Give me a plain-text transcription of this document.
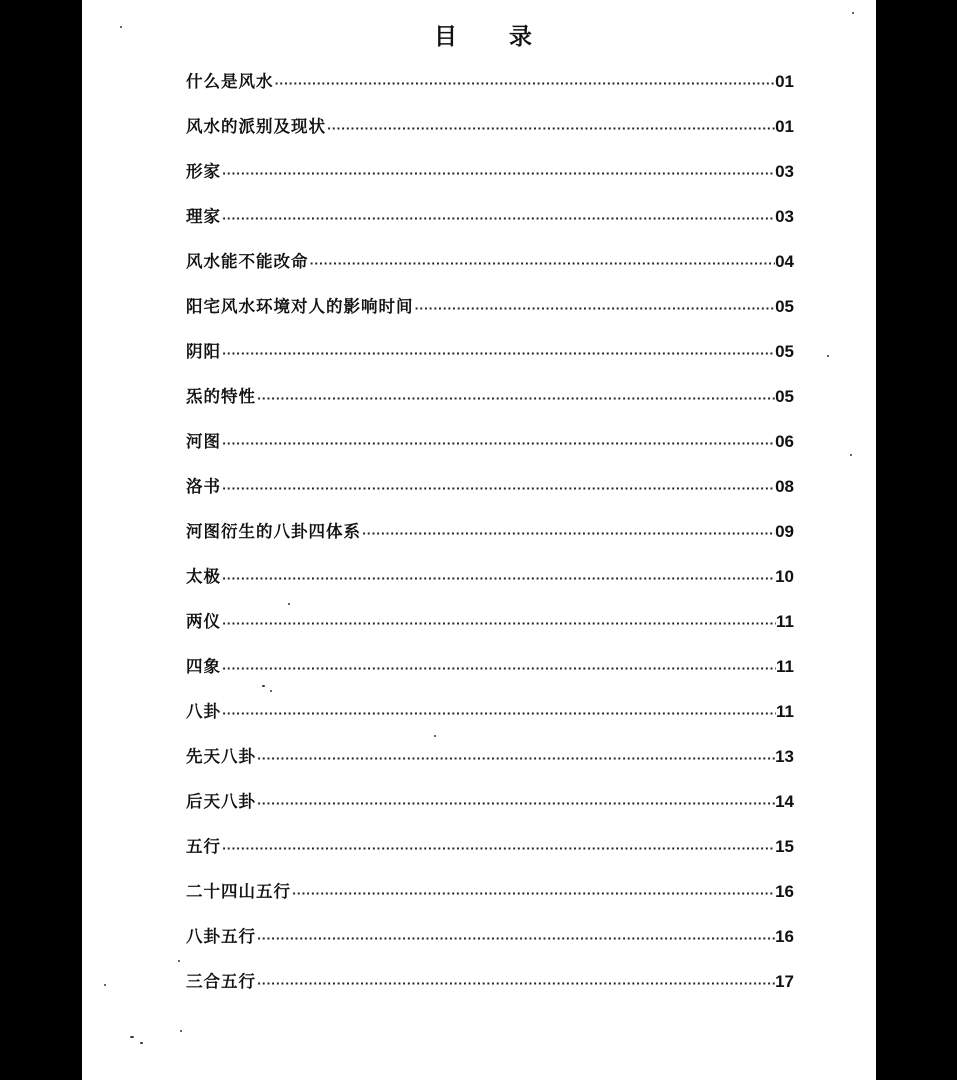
目 录
什么是风水 ·····	01
风水的派别及现状 ·····	01
形家 ·····	03
理家 ·····	03
风水能不能改命 ·····	04
阳宅风水环境对人的影响时间 ·····	05
阴阳 ·····	05
炁的特性 ·····	05
河图 ·····	06
洛书 ·····	08
河图衍生的八卦四体系 ·····	09
太极 ·····	10
两仪 ·····	11
四象 ·····	11
八卦 ·····	11
先天八卦 ·····	13
后天八卦 ·····	14
五行 ·····	15
二十四山五行 ·····	16
八卦五行 ·····	16
三合五行 ·····	17
